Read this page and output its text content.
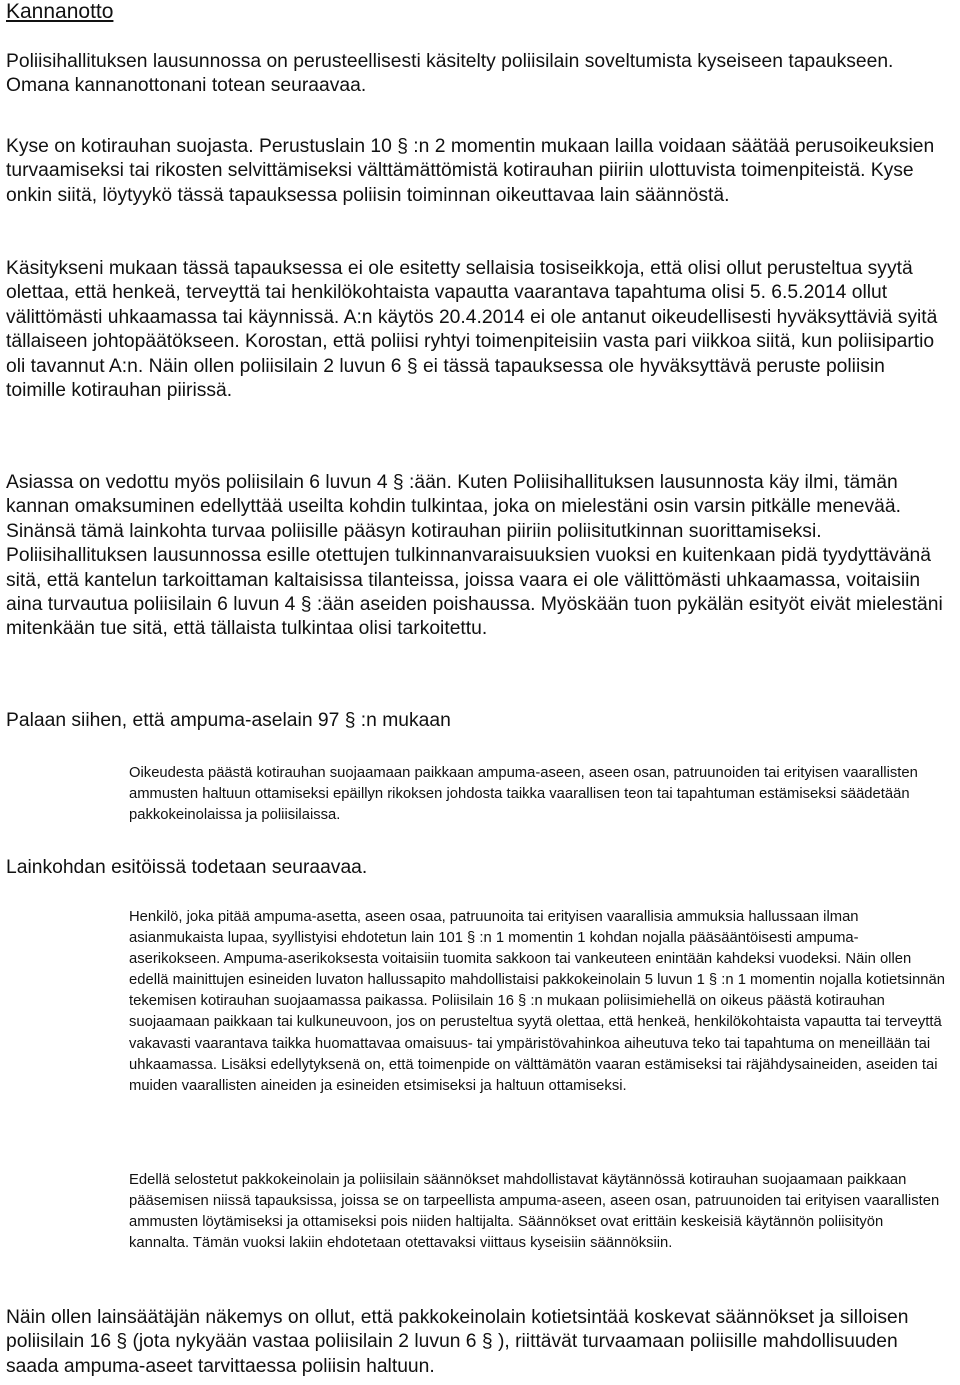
Kannanotto

Poliisihallituksen lausunnossa on perusteellisesti käsitelty poliisilain soveltumista kyseiseen tapaukseen. Omana kannanottonani totean seuraavaa.

Kyse on kotirauhan suojasta. Perustuslain 10 § :n 2 momentin mukaan lailla voidaan säätää perusoikeuksien turvaamiseksi tai rikosten selvittämiseksi välttämättömistä kotirauhan piiriin ulottuvista toimenpiteistä. Kyse onkin siitä, löytyykö tässä tapauksessa poliisin toiminnan oikeuttavaa lain säännöstä.

Käsitykseni mukaan tässä tapauksessa ei ole esitetty sellaisia tosiseikkoja, että olisi ollut perusteltua syytä olettaa, että henkeä, terveyttä tai henkilökohtaista vapautta vaarantava tapahtuma olisi 5. 6.5.2014 ollut välittömästi uhkaamassa tai käynnissä. A:n käytös 20.4.2014 ei ole antanut oikeudellisesti hyväksyttäviä syitä tällaiseen johtopäätökseen. Korostan, että poliisi ryhtyi toimenpiteisiin vasta pari viikkoa siitä, kun poliisipartio oli tavannut A:n. Näin ollen poliisilain 2 luvun 6 § ei tässä tapauksessa ole hyväksyttävä peruste poliisin toimille kotirauhan piirissä.

Asiassa on vedottu myös poliisilain 6 luvun 4 § :ään. Kuten Poliisihallituksen lausunnosta käy ilmi, tämän kannan omaksuminen edellyttää useilta kohdin tulkintaa, joka on mielestäni osin varsin pitkälle menevää. Sinänsä tämä lainkohta turvaa poliisille pääsyn kotirauhan piiriin poliisitutkinnan suorittamiseksi. Poliisihallituksen lausunnossa esille otettujen tulkinnanvaraisuuksien vuoksi en kuitenkaan pidä tyydyttävänä sitä, että kantelun tarkoittaman kaltaisissa tilanteissa, joissa vaara ei ole välittömästi uhkaamassa, voitaisiin aina turvautua poliisilain 6 luvun 4 § :ään aseiden poishaussa. Myöskään tuon pykälän esityöt eivät mielestäni mitenkään tue sitä, että tällaista tulkintaa olisi tarkoitettu.

Palaan siihen, että ampuma-aselain 97 § :n mukaan

Oikeudesta päästä kotirauhan suojaamaan paikkaan ampuma-aseen, aseen osan, patruunoiden tai erityisen vaarallisten ammusten haltuun ottamiseksi epäillyn rikoksen johdosta taikka vaarallisen teon tai tapahtuman estämiseksi säädetään pakkokeinolaissa ja poliisilaissa.

Lainkohdan esitöissä todetaan seuraavaa.

Henkilö, joka pitää ampuma-asetta, aseen osaa, patruunoita tai erityisen vaarallisia ammuksia hallussaan ilman asianmukaista lupaa, syyllistyisi ehdotetun lain 101 § :n 1 momentin 1 kohdan nojalla pääsääntöisesti ampuma-aserikokseen. Ampuma-aserikoksesta voitaisiin tuomita sakkoon tai vankeuteen enintään kahdeksi vuodeksi. Näin ollen edellä mainittujen esineiden luvaton hallussapito mahdollistaisi pakkokeinolain 5 luvun 1 § :n 1 momentin nojalla kotietsinnän tekemisen kotirauhan suojaamassa paikassa. Poliisilain 16 § :n mukaan poliisimiehellä on oikeus päästä kotirauhan suojaamaan paikkaan tai kulkuneuvoon, jos on perusteltua syytä olettaa, että henkeä, henkilökohtaista vapautta tai terveyttä vakavasti vaarantava taikka huomattavaa omaisuus- tai ympäristövahinkoa aiheutuva teko tai tapahtuma on meneillään tai uhkaamassa. Lisäksi edellytyksenä on, että toimenpide on välttämätön vaaran estämiseksi tai räjähdysaineiden, aseiden tai muiden vaarallisten aineiden ja esineiden etsimiseksi ja haltuun ottamiseksi.

Edellä selostetut pakkokeinolain ja poliisilain säännökset mahdollistavat käytännössä kotirauhan suojaamaan paikkaan pääsemisen niissä tapauksissa, joissa se on tarpeellista ampuma-aseen, aseen osan, patruunoiden tai erityisen vaarallisten ammusten löytämiseksi ja ottamiseksi pois niiden haltijalta. Säännökset ovat erittäin keskeisiä käytännön poliisityön kannalta. Tämän vuoksi lakiin ehdotetaan otettavaksi viittaus kyseisiin säännöksiin.

Näin ollen lainsäätäjän näkemys on ollut, että pakkokeinolain kotietsintää koskevat säännökset ja silloisen poliisilain 16 § (jota nykyään vastaa poliisilain 2 luvun 6 § ), riittävät turvaamaan poliisille mahdollisuuden saada ampuma-aseet tarvittaessa poliisin haltuun.
